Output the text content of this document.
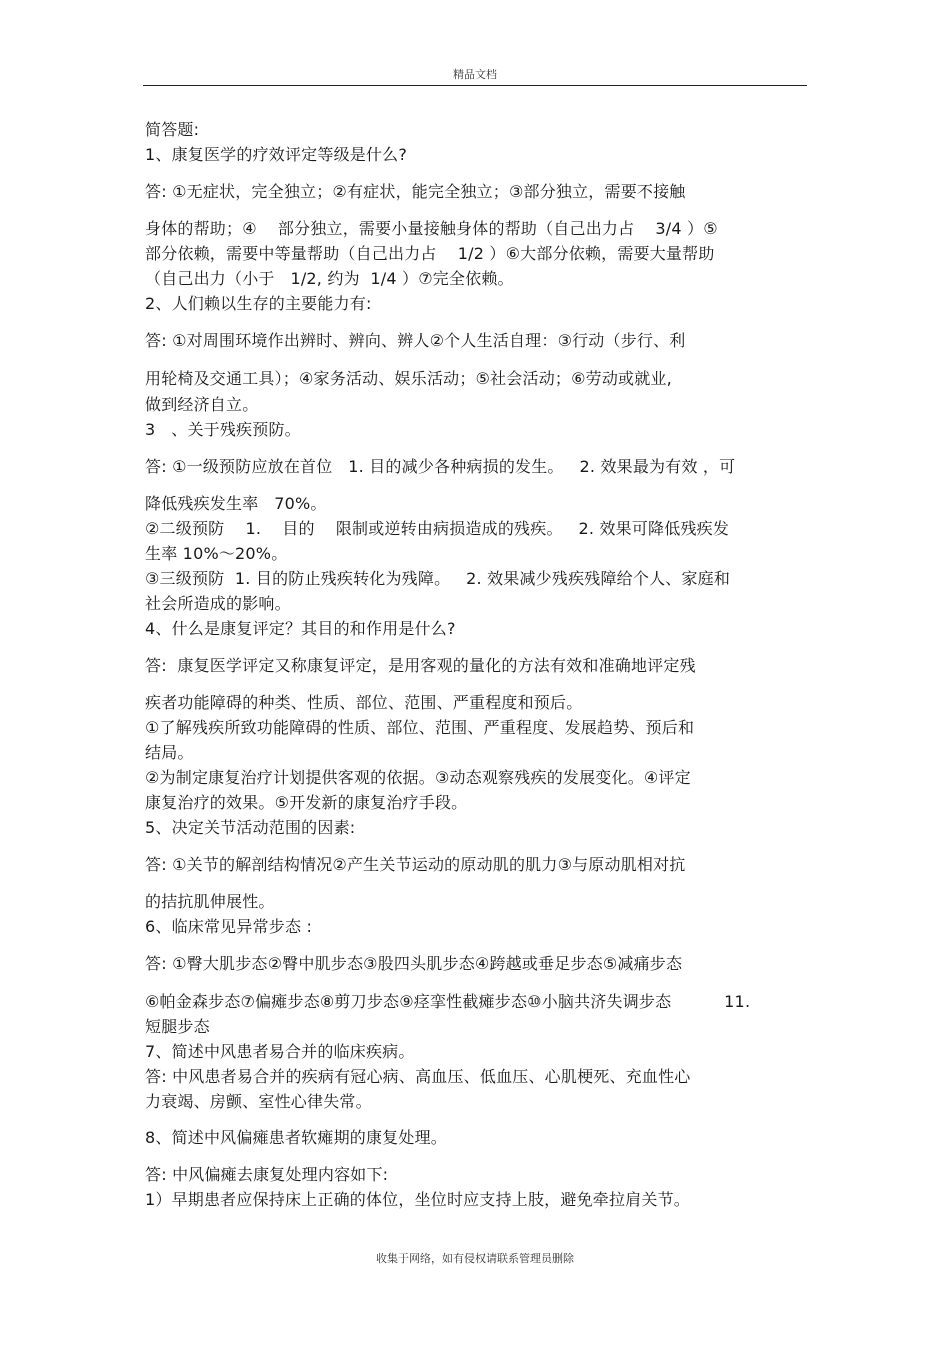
精品文档
简答题:
1、康复医学的疗效评定等级是什么?
答: ①无症状，完全独立；②有症状，能完全独立；③部分独立，需要不接触
身体的帮助；④    部分独立，需要小量接触身体的帮助（自己出力占    3/4 ）⑤
部分依赖，需要中等量帮助（自己出力占    1/2 ）⑥大部分依赖，需要大量帮助
（自己出力（小于   1/2, 约为  1/4 ）⑦完全依赖。
2、人们赖以生存的主要能力有:
答: ①对周围环境作出辨时、辨向、辨人②个人生活自理：③行动（步行、利
用轮椅及交通工具）；④家务活动、娱乐活动；⑤社会活动；⑥劳动或就业,
做到经济自立。
3   、关于残疾预防。
答: ①一级预防应放在首位   1. 目的减少各种病损的发生。   2. 效果最为有效 ，可
降低残疾发生率   70%。
②二级预防    1.    目的    限制或逆转由病损造成的残疾。   2. 效果可降低残疾发
生率 10%～20%。
③三级预防  1. 目的防止残疾转化为残障。   2. 效果减少残疾残障给个人、家庭和
社会所造成的影响。
4、什么是康复评定？其目的和作用是什么?
答:  康复医学评定又称康复评定，是用客观的量化的方法有效和准确地评定残
疾者功能障碍的种类、性质、部位、范围、严重程度和预后。
①了解残疾所致功能障碍的性质、部位、范围、严重程度、发展趋势、预后和
结局。
②为制定康复治疗计划提供客观的依据。③动态观察残疾的发展变化。④评定
康复治疗的效果。⑤开发新的康复治疗手段。
5、决定关节活动范围的因素:
答: ①关节的解剖结构情况②产生关节运动的原动肌的肌力③与原动肌相对抗
的拮抗肌伸展性。
6、临床常见异常步态 :
答: ①臀大肌步态②臀中肌步态③股四头肌步态④跨越或垂足步态⑤减痛步态
⑥帕金森步态⑦偏瘫步态⑧剪刀步态⑨痉挛性截瘫步态⑩小脑共济失调步态          11.
短腿步态
7、简述中风患者易合并的临床疾病。
答: 中风患者易合并的疾病有冠心病、高血压、低血压、心肌梗死、充血性心
力衰竭、房颤、室性心律失常。
8、简述中风偏瘫患者软瘫期的康复处理。
答: 中风偏瘫去康复处理内容如下:
1）早期患者应保持床上正确的体位，坐位时应支持上肢，避免牵拉肩关节。
收集于网络，如有侵权请联系管理员删除
